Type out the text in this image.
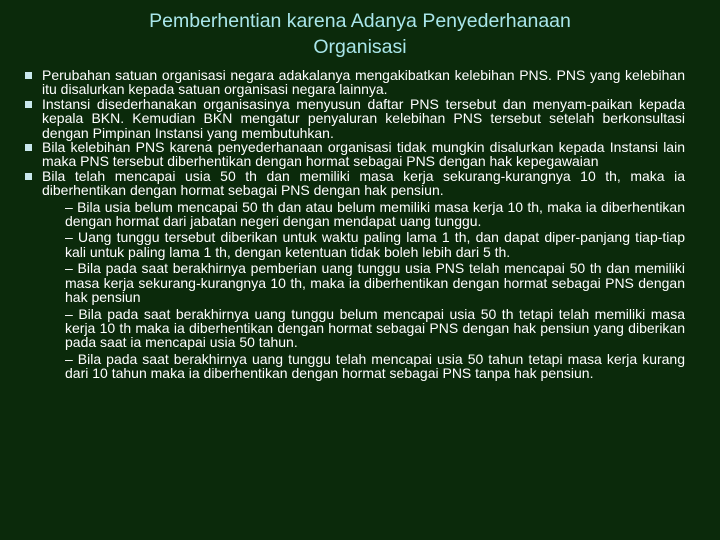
Pemberhentian karena Adanya Penyederhanaan
Organisasi
Perubahan satuan organisasi negara adakalanya mengakibatkan kelebihan PNS. PNS yang kelebihan itu disalurkan kepada satuan organisasi negara lainnya.
Instansi disederhanakan organisasinya menyusun daftar PNS tersebut dan menyam-paikan kepada kepala BKN. Kemudian BKN mengatur penyaluran kelebihan PNS tersebut setelah berkonsultasi dengan Pimpinan Instansi yang membutuhkan.
Bila kelebihan PNS karena penyederhanaan organisasi tidak mungkin disalurkan kepada Instansi lain maka PNS tersebut diberhentikan dengan hormat sebagai PNS dengan hak kepegawaian
Bila telah mencapai usia 50 th dan memiliki masa kerja sekurang-kurangnya 10 th, maka ia diberhentikan dengan hormat sebagai PNS dengan hak pensiun.
– Bila usia belum mencapai 50 th dan atau belum memiliki masa kerja 10 th, maka ia diberhentikan dengan hormat dari jabatan negeri dengan mendapat uang tunggu.
– Uang tunggu tersebut diberikan untuk waktu paling lama 1 th, dan dapat diper-panjang tiap-tiap kali untuk paling lama 1 th, dengan ketentuan tidak boleh lebih dari 5 th.
– Bila pada saat berakhirnya pemberian uang tunggu usia PNS telah mencapai 50 th dan memiliki masa kerja sekurang-kurangnya 10 th, maka ia diberhentikan dengan hormat sebagai PNS dengan hak pensiun
– Bila pada saat berakhirnya uang tunggu belum mencapai usia 50 th tetapi telah memiliki masa kerja 10 th maka ia diberhentikan dengan hormat sebagai PNS dengan hak pensiun yang diberikan pada saat ia mencapai usia 50 tahun.
– Bila pada saat berakhirnya uang tunggu telah mencapai usia 50 tahun tetapi masa kerja kurang dari 10 tahun maka ia diberhentikan dengan hormat sebagai PNS tanpa hak pensiun.
